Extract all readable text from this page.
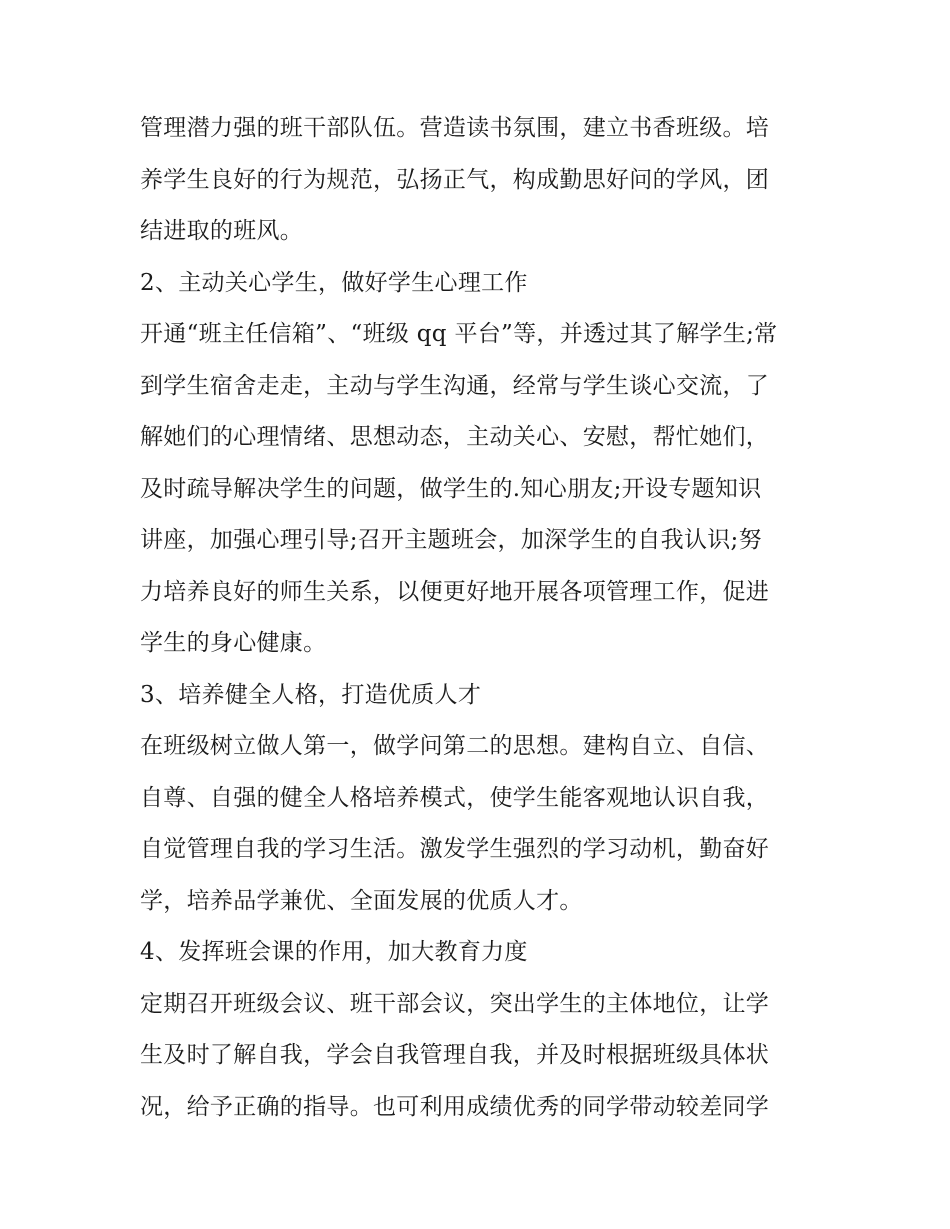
管理潜力强的班干部队伍。营造读书氛围，建立书香班级。培
养学生良好的行为规范，弘扬正气，构成勤思好问的学风，团
结进取的班风。
2、主动关心学生，做好学生心理工作
开通“班主任信箱”、“班级 qq 平台”等，并透过其了解学生;常
到学生宿舍走走，主动与学生沟通，经常与学生谈心交流，了
解她们的心理情绪、思想动态，主动关心、安慰，帮忙她们，
及时疏导解决学生的问题，做学生的.知心朋友;开设专题知识
讲座，加强心理引导;召开主题班会，加深学生的自我认识;努
力培养良好的师生关系，以便更好地开展各项管理工作，促进
学生的身心健康。
3、培养健全人格，打造优质人才
在班级树立做人第一，做学问第二的思想。建构自立、自信、
自尊、自强的健全人格培养模式，使学生能客观地认识自我，
自觉管理自我的学习生活。激发学生强烈的学习动机，勤奋好
学，培养品学兼优、全面发展的优质人才。
4、发挥班会课的作用，加大教育力度
定期召开班级会议、班干部会议，突出学生的主体地位，让学
生及时了解自我，学会自我管理自我，并及时根据班级具体状
况，给予正确的指导。也可利用成绩优秀的同学带动较差同学
